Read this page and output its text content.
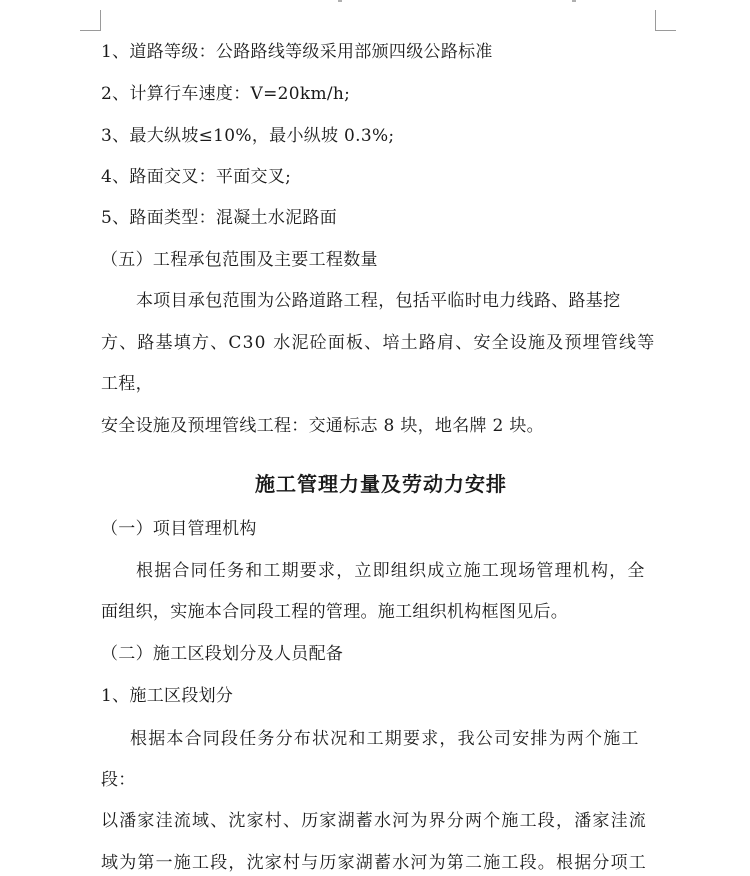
1、道路等级：公路路线等级采用部颁四级公路标准
2、计算行车速度：V=20km/h;
3、最大纵坡≤10%，最小纵坡 0.3%;
4、路面交叉：平面交叉;
5、路面类型：混凝土水泥路面
（五）工程承包范围及主要工程数量
本项目承包范围为公路道路工程，包括平临时电力线路、路基挖
方、路基填方、C30 水泥砼面板、培土路肩、安全设施及预埋管线等
工程，
安全设施及预埋管线工程：交通标志 8 块，地名牌 2 块。
施工管理力量及劳动力安排
（一）项目管理机构
根据合同任务和工期要求，立即组织成立施工现场管理机构，全
面组织，实施本合同段工程的管理。施工组织机构框图见后。
（二）施工区段划分及人员配备
1、施工区段划分
根据本合同段任务分布状况和工期要求，我公司安排为两个施工
段：
以潘家洼流域、沈家村、历家湖蓄水河为界分两个施工段，潘家洼流
域为第一施工段，沈家村与历家湖蓄水河为第二施工段。根据分项工
